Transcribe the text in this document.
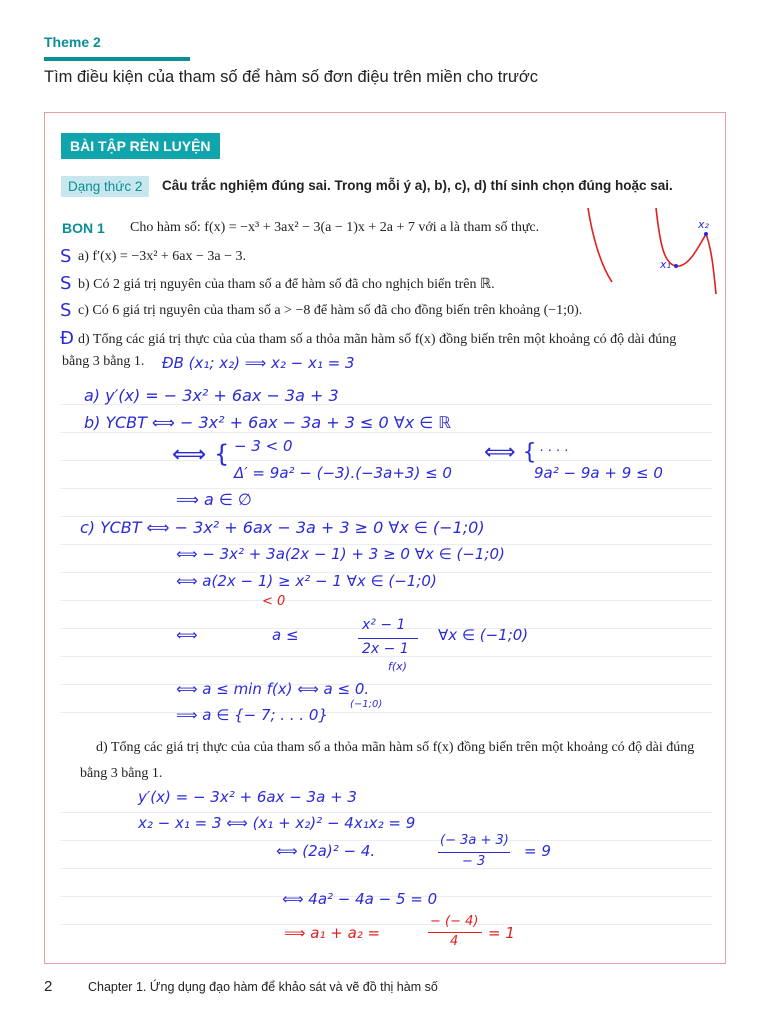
Theme 2
Tìm điều kiện của tham số để hàm số đơn điệu trên miền cho trước
BÀI TẬP RÈN LUYỆN
Dạng thức 2	Câu trắc nghiệm đúng sai. Trong mỗi ý a), b), c), d) thí sinh chọn đúng hoặc sai.
BON 1 Cho hàm số: f(x) = −x³ + 3ax² − 3(a − 1)x + 2a + 7 với a là tham số thực.
S a) f′(x) = −3x² + 6ax − 3a − 3.
S b) Có 2 giá trị nguyên của tham số a để hàm số đã cho nghịch biến trên ℝ.
S c) Có 6 giá trị nguyên của tham số a > −8 để hàm số đã cho đồng biến trên khoảng (−1;0).
Đ d) Tổng các giá trị thực của của tham số a thỏa mãn hàm số f(x) đồng biến trên một khoảng có độ dài đúng
bằng 3 bằng 1.
x₁
x₂
ĐB (x₁; x₂) ⟹ x₂ − x₁ = 3
a) y′(x) = − 3x² + 6ax − 3a + 3
b) YCBT ⟺ − 3x² + 6ax − 3a + 3 ≤ 0 ∀x ∈ ℝ
⟺ { − 3 < 0
Δ′ = 9a² − (−3).(−3a+3) ≤ 0
⟺ { . . . .
9a² − 9a + 9 ≤ 0
⟹ a ∈ ∅
c) YCBT ⟺ − 3x² + 6ax − 3a + 3 ≥ 0 ∀x ∈ (−1;0)
⟺ − 3x² + 3a(2x − 1) + 3 ≥ 0 ∀x ∈ (−1;0)
⟺ a(2x − 1) ≥ x² − 1 ∀x ∈ (−1;0)
< 0
⟺	a ≤
x² − 1
2x − 1
f(x)
∀x ∈ (−1;0)
⟺ a ≤ min f(x) ⟺ a ≤ 0.
(−1;0)
⟹ a ∈ {− 7; . . . 0}
d) Tổng các giá trị thực của của tham số a thỏa mãn hàm số f(x) đồng biến trên một khoảng có độ dài đúng
bằng 3 bằng 1.
y′(x) = − 3x² + 6ax − 3a + 3
x₂ − x₁ = 3 ⟺ (x₁ + x₂)² − 4x₁x₂ = 9
⟺ (2a)² − 4.
(− 3a + 3)
− 3
= 9
⟺ 4a² − 4a − 5 = 0
⟹ a₁ + a₂ =
− (− 4)
4 = 1
2	Chapter 1. Ứng dụng đạo hàm để khảo sát và vẽ đồ thị hàm số
